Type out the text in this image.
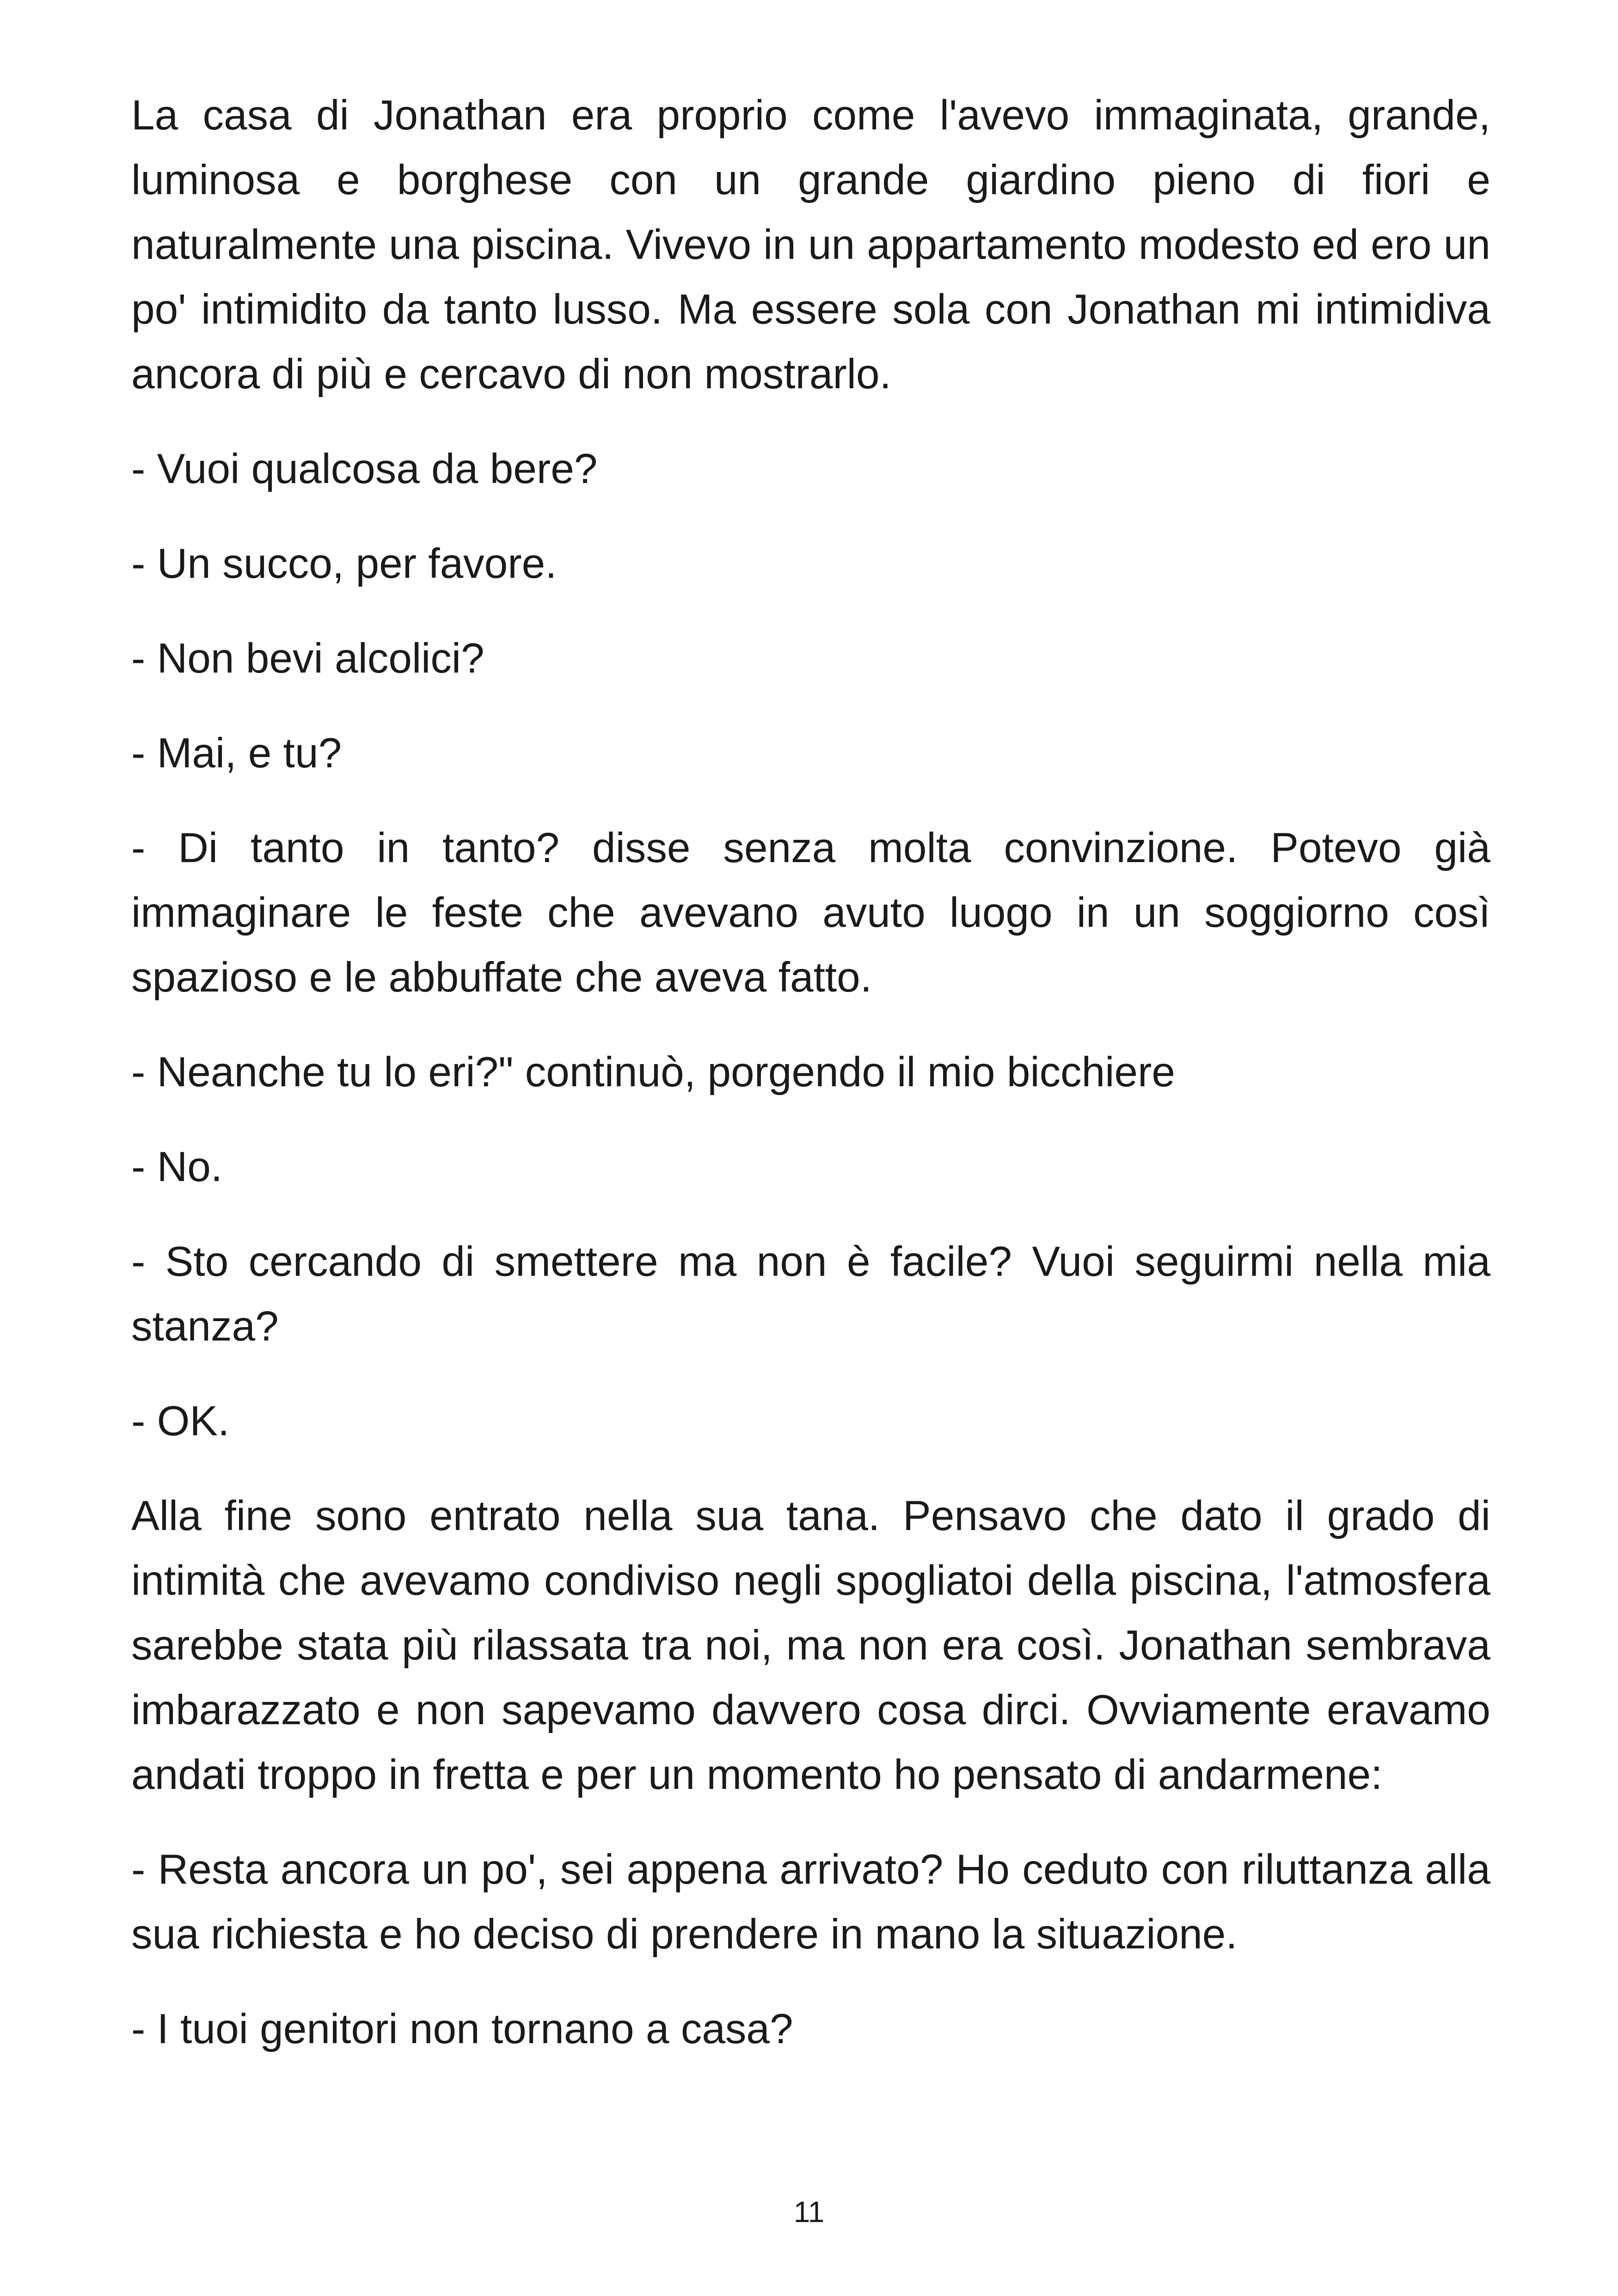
La casa di Jonathan era proprio come l'avevo immaginata, grande, luminosa e borghese con un grande giardino pieno di fiori e naturalmente una piscina. Vivevo in un appartamento modesto ed ero un po' intimidito da tanto lusso. Ma essere sola con Jonathan mi intimidiva ancora di più e cercavo di non mostrarlo.

- Vuoi qualcosa da bere?

- Un succo, per favore.

- Non bevi alcolici?

- Mai, e tu?

- Di tanto in tanto? disse senza molta convinzione. Potevo già immaginare le feste che avevano avuto luogo in un soggiorno così spazioso e le abbuffate che aveva fatto.

- Neanche tu lo eri?" continuò, porgendo il mio bicchiere

- No.

- Sto cercando di smettere ma non è facile? Vuoi seguirmi nella mia stanza?

- OK.

Alla fine sono entrato nella sua tana. Pensavo che dato il grado di intimità che avevamo condiviso negli spogliatoi della piscina, l'atmosfera sarebbe stata più rilassata tra noi, ma non era così. Jonathan sembrava imbarazzato e non sapevamo davvero cosa dirci. Ovviamente eravamo andati troppo in fretta e per un momento ho pensato di andarmene:

- Resta ancora un po', sei appena arrivato? Ho ceduto con riluttanza alla sua richiesta e ho deciso di prendere in mano la situazione.

- I tuoi genitori non tornano a casa?

11
